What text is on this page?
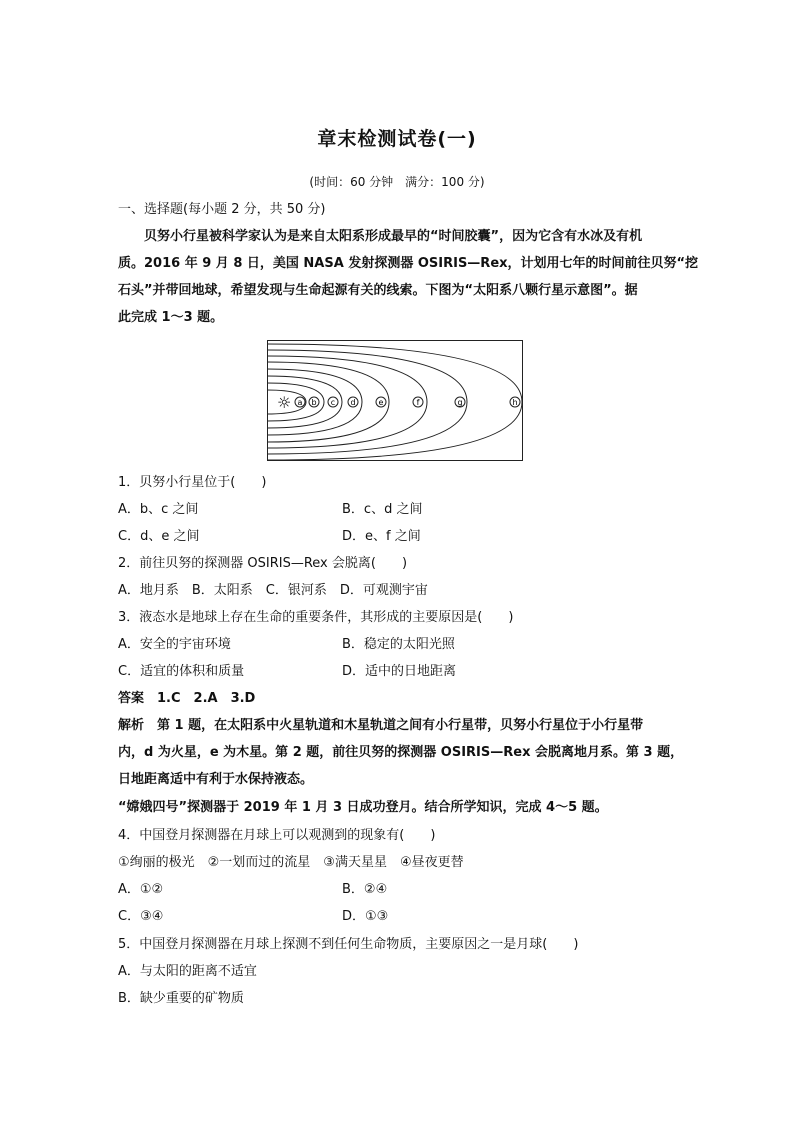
章末检测试卷(一)
(时间：60 分钟　满分：100 分)
一、选择题(每小题 2 分，共 50 分)
贝努小行星被科学家认为是来自太阳系形成最早的“时间胶囊”，因为它含有水冰及有机
质。2016 年 9 月 8 日，美国 NASA 发射探测器 OSIRIS—Rex，计划用七年的时间前往贝努“挖
石头”并带回地球，希望发现与生命起源有关的线索。下图为“太阳系八颗行星示意图”。据
此完成 1～3 题。
☼ a b c d	e	f	g	h
1．贝努小行星位于(　　)
A．b、c 之间	B．c、d 之间
C．d、e 之间	D．e、f 之间
2．前往贝努的探测器 OSIRIS—Rex 会脱离(　　)
A．地月系　B．太阳系　C．银河系　D．可观测宇宙
3．液态水是地球上存在生命的重要条件，其形成的主要原因是(　　)
A．安全的宇宙环境	B．稳定的太阳光照
C．适宜的体积和质量	D．适中的日地距离
答案　1.C　2.A　3.D
解析　第 1 题，在太阳系中火星轨道和木星轨道之间有小行星带，贝努小行星位于小行星带
内，d 为火星，e 为木星。第 2 题，前往贝努的探测器 OSIRIS—Rex 会脱离地月系。第 3 题，
日地距离适中有利于水保持液态。
“嫦娥四号”探测器于 2019 年 1 月 3 日成功登月。结合所学知识，完成 4～5 题。
4．中国登月探测器在月球上可以观测到的现象有(　　)
①绚丽的极光　②一划而过的流星　③满天星星　④昼夜更替
A．①②	B．②④
C．③④	D．①③
5．中国登月探测器在月球上探测不到任何生命物质，主要原因之一是月球(　　)
A．与太阳的距离不适宜
B．缺少重要的矿物质
